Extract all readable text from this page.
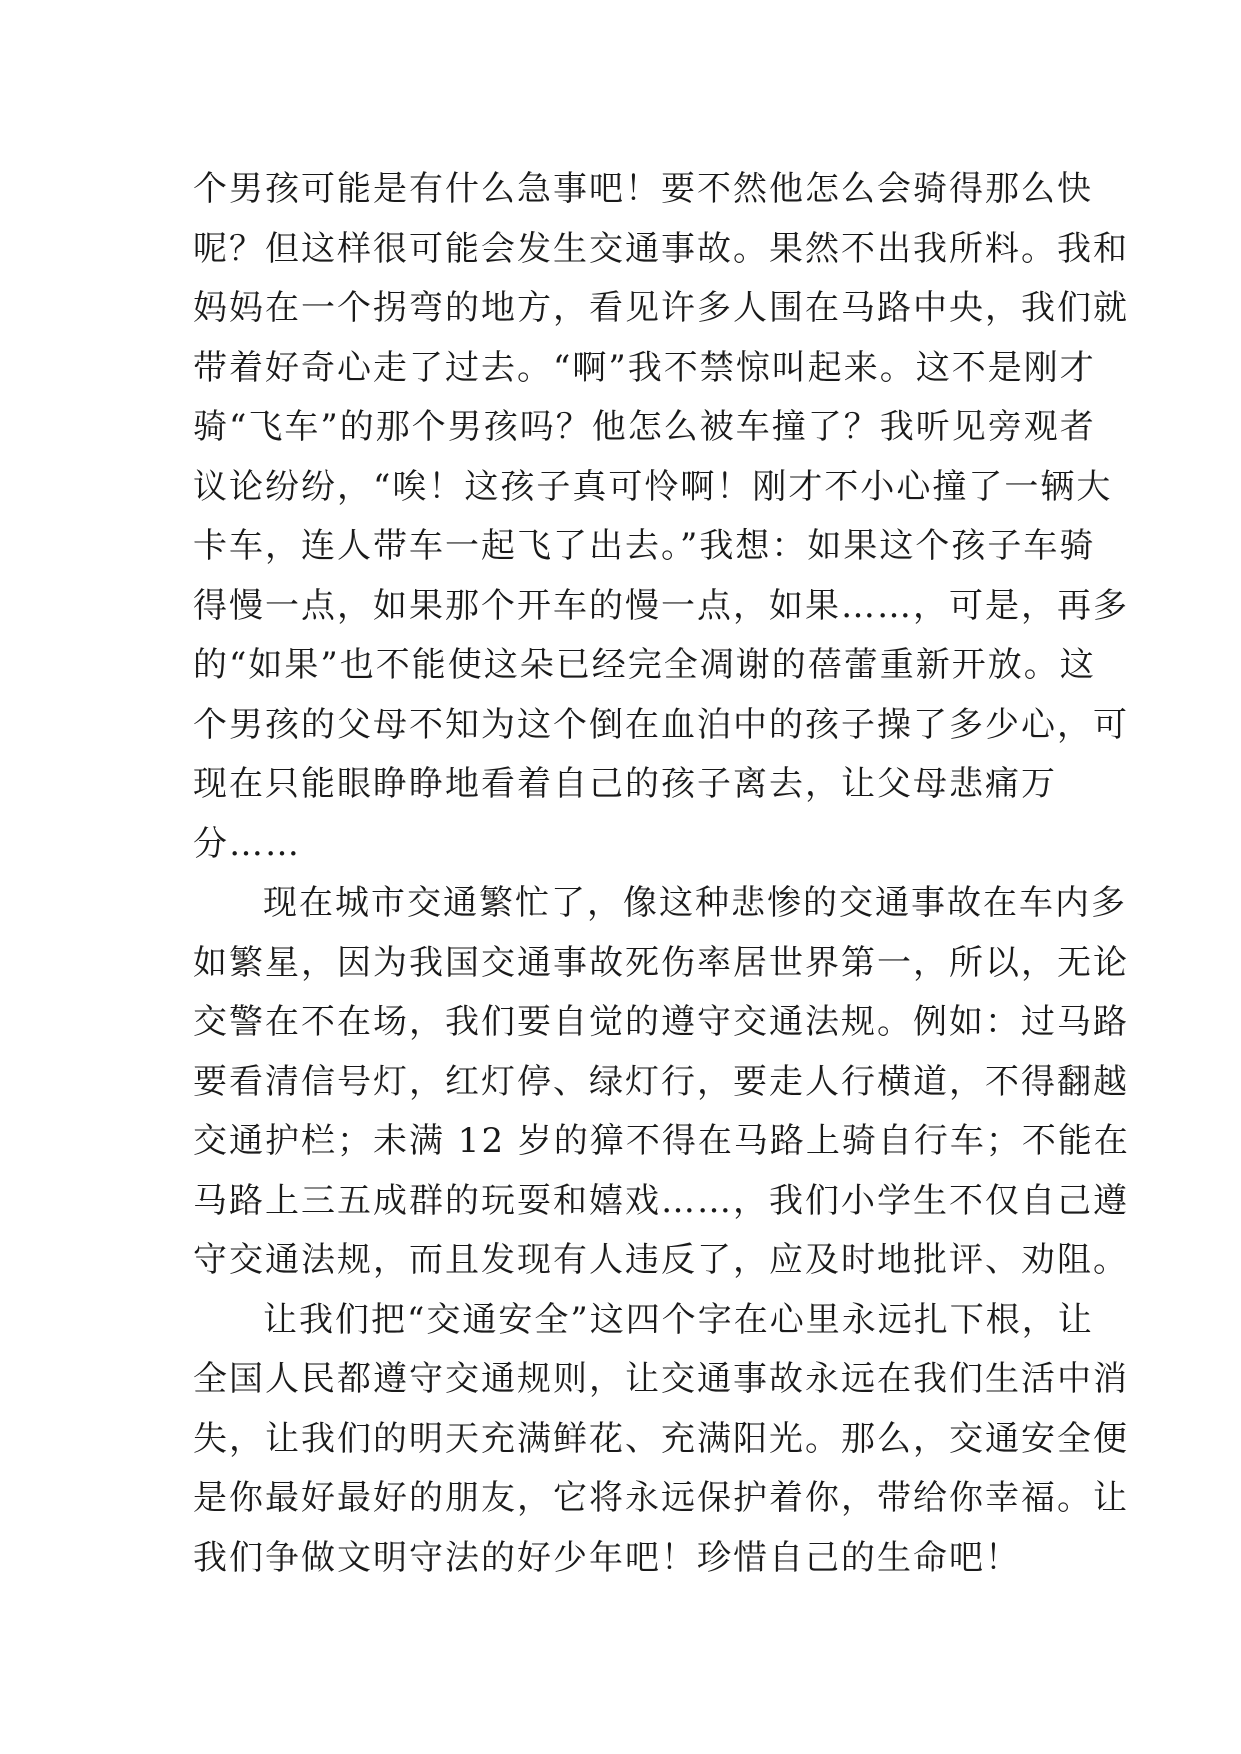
个男孩可能是有什么急事吧！要不然他怎么会骑得那么快
呢？但这样很可能会发生交通事故。果然不出我所料。我和
妈妈在一个拐弯的地方，看见许多人围在马路中央，我们就
带着好奇心走了过去。“啊”我不禁惊叫起来。这不是刚才
骑“飞车”的那个男孩吗？他怎么被车撞了？我听见旁观者
议论纷纷，“唉！这孩子真可怜啊！刚才不小心撞了一辆大
卡车，连人带车一起飞了出去。”我想：如果这个孩子车骑
得慢一点，如果那个开车的慢一点，如果……，可是，再多
的“如果”也不能使这朵已经完全凋谢的蓓蕾重新开放。这
个男孩的父母不知为这个倒在血泊中的孩子操了多少心，可
现在只能眼睁睁地看着自己的孩子离去，让父母悲痛万
分……
现在城市交通繁忙了，像这种悲惨的交通事故在车内多
如繁星，因为我国交通事故死伤率居世界第一，所以，无论
交警在不在场，我们要自觉的遵守交通法规。例如：过马路
要看清信号灯，红灯停、绿灯行，要走人行横道，不得翻越
交通护栏；未满 12 岁的獐不得在马路上骑自行车；不能在
马路上三五成群的玩耍和嬉戏……，我们小学生不仅自己遵
守交通法规，而且发现有人违反了，应及时地批评、劝阻。
让我们把“交通安全”这四个字在心里永远扎下根，让
全国人民都遵守交通规则，让交通事故永远在我们生活中消
失，让我们的明天充满鲜花、充满阳光。那么，交通安全便
是你最好最好的朋友，它将永远保护着你，带给你幸福。让
我们争做文明守法的好少年吧！珍惜自己的生命吧！
